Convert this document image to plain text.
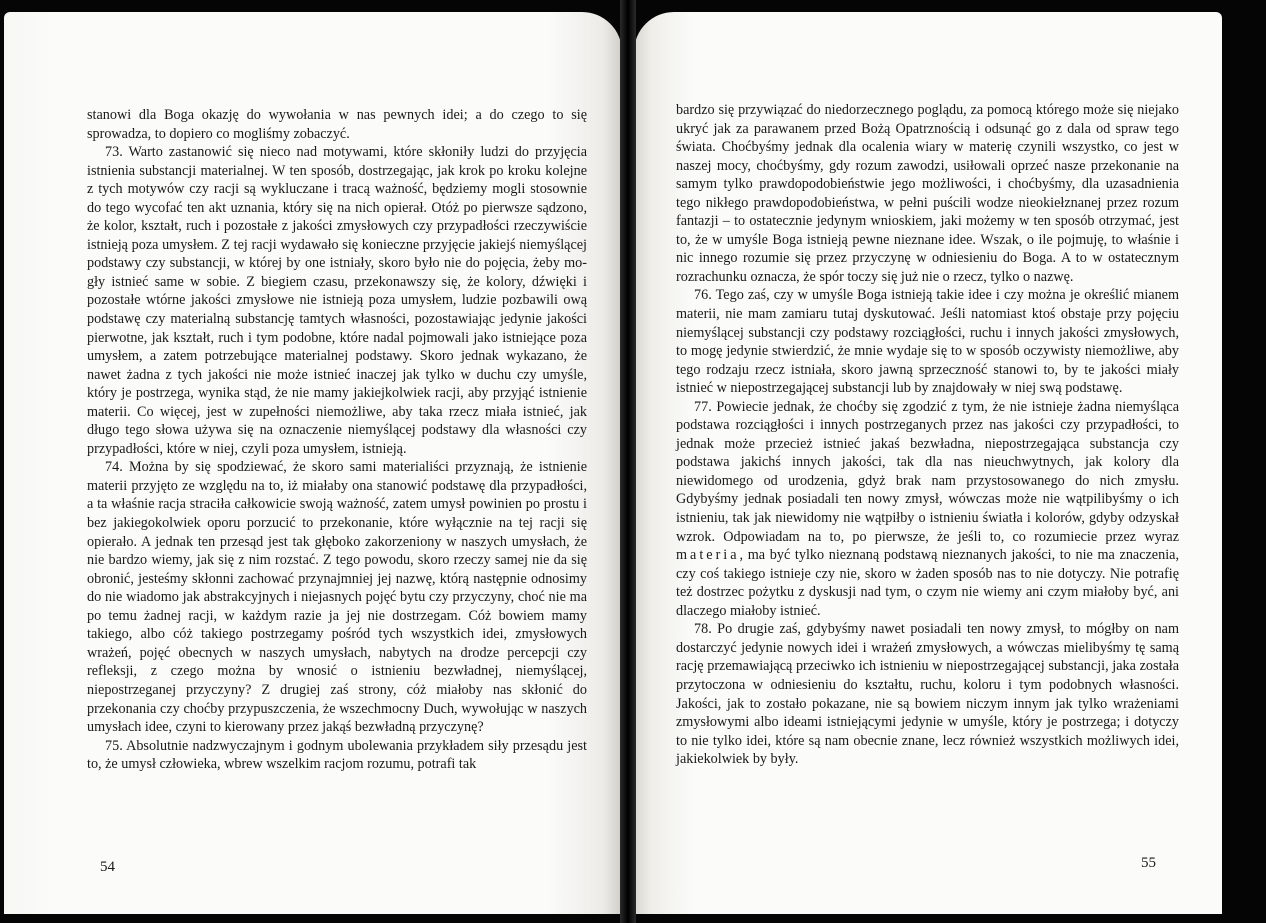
stanowi dla Boga okazję do wywołania w nas pewnych idei; a do czego to się sprowadza, to dopiero co mogliśmy zobaczyć.

73. Warto zastanowić się nieco nad motywami, które skłoniły ludzi do przyjęcia istnienia substancji materialnej. W ten sposób, dostrzegając, jak krok po kroku kolejne z tych motywów czy racji są wykluczane i tracą ważność, będziemy mogli stosownie do tego wycofać ten akt uznania, który się na nich opierał. Otóż po pierwsze sądzono, że kolor, kształt, ruch i pozostałe z jakości zmysłowych czy przypadłości rzeczywiście istnieją poza umysłem. Z tej racji wydawało się konieczne przyjęcie jakiejś niemyślącej podstawy czy substancji, w której by one istniały, skoro było nie do pojęcia, żeby mogły istnieć same w sobie. Z biegiem czasu, przekonawszy się, że kolory, dźwięki i pozostałe wtórne jakości zmysłowe nie istnieją poza umysłem, ludzie pozbawili ową podstawę czy materialną substancję tamtych własności, pozostawiając jedynie jakości pierwotne, jak kształt, ruch i tym podobne, które nadal pojmowali jako istniejące poza umysłem, a zatem potrzebujące materialnej podstawy. Skoro jednak wykazano, że nawet żadna z tych jakości nie może istnieć inaczej jak tylko w duchu czy umyśle, który je postrzega, wynika stąd, że nie mamy jakiejkolwiek racji, aby przyjąć istnienie materii. Co więcej, jest w zupełności niemożliwe, aby taka rzecz miała istnieć, jak długo tego słowa używa się na oznaczenie niemyślącej podstawy dla własności czy przypadłości, które w niej, czyli poza umysłem, istnieją.

74. Można by się spodziewać, że skoro sami materialiści przyznają, że istnienie materii przyjęto ze względu na to, iż miałaby ona stanowić podstawę dla przypadłości, a ta właśnie racja straciła całkowicie swoją ważność, zatem umysł powinien po prostu i bez jakiegokolwiek oporu porzucić to przekonanie, które wyłącznie na tej racji się opierało. A jednak ten przesąd jest tak głęboko zakorzeniony w naszych umysłach, że nie bardzo wiemy, jak się z nim rozstać. Z tego powodu, skoro rzeczy samej nie da się obronić, jesteśmy skłonni zachować przynajmniej jej nazwę, którą następnie odnosimy do nie wiadomo jak abstrakcyjnych i niejasnych pojęć bytu czy przyczyny, choć nie ma po temu żadnej racji, w każdym razie ja jej nie dostrzegam. Cóż bowiem mamy takiego, albo cóż takiego postrzegamy pośród tych wszystkich idei, zmysłowych wrażeń, pojęć obecnych w naszych umysłach, nabytych na drodze percepcji czy refleksji, z czego można by wnosić o istnieniu bezwładnej, niemyślącej, niepostrzeganej przyczyny? Z drugiej zaś strony, cóż miałoby nas skłonić do przekonania czy choćby przypuszczenia, że wszechmocny Duch, wywołując w naszych umysłach idee, czyni to kierowany przez jakąś bezwładną przyczynę?

75. Absolutnie nadzwyczajnym i godnym ubolewania przykładem siły przesądu jest to, że umysł człowieka, wbrew wszelkim racjom rozumu, potrafi tak

54

bardzo się przywiązać do niedorzecznego poglądu, za pomocą którego może się niejako ukryć jak za parawanem przed Bożą Opatrznością i odsunąć go z dala od spraw tego świata. Choćbyśmy jednak dla ocalenia wiary w materię czynili wszystko, co jest w naszej mocy, choćbyśmy, gdy rozum zawodzi, usiłowali oprzeć nasze przekonanie na samym tylko prawdopodobieństwie jego możliwości, i choćbyśmy, dla uzasadnienia tego nikłego prawdopodobieństwa, w pełni puścili wodze nieokiełznanej przez rozum fantazji – to ostatecznie jedynym wnioskiem, jaki możemy w ten sposób otrzymać, jest to, że w umyśle Boga istnieją pewne nieznane idee. Wszak, o ile pojmuję, to właśnie i nic innego rozumie się przez przyczynę w odniesieniu do Boga. A to w ostatecznym rozrachunku oznacza, że spór toczy się już nie o rzecz, tylko o nazwę.

76. Tego zaś, czy w umyśle Boga istnieją takie idee i czy można je określić mianem materii, nie mam zamiaru tutaj dyskutować. Jeśli natomiast ktoś obstaje przy pojęciu niemyślącej substancji czy podstawy rozciągłości, ruchu i innych jakości zmysłowych, to mogę jedynie stwierdzić, że mnie wydaje się to w sposób oczywisty niemożliwe, aby tego rodzaju rzecz istniała, skoro jawną sprzeczność stanowi to, by te jakości miały istnieć w niepostrzegającej substancji lub by znajdowały w niej swą podstawę.

77. Powiecie jednak, że choćby się zgodzić z tym, że nie istnieje żadna niemyśląca podstawa rozciągłości i innych postrzeganych przez nas jakości czy przypadłości, to jednak może przecież istnieć jakaś bezwładna, niepostrzegająca substancja czy podstawa jakichś innych jakości, tak dla nas nieuchwytnych, jak kolory dla niewidomego od urodzenia, gdyż brak nam przystosowanego do nich zmysłu. Gdybyśmy jednak posiadali ten nowy zmysł, wówczas może nie wątpilibyśmy o ich istnieniu, tak jak niewidomy nie wątpiłby o istnieniu światła i kolorów, gdyby odzyskał wzrok. Odpowiadam na to, po pierwsze, że jeśli to, co rozumiecie przez wyraz materia, ma być tylko nieznaną podstawą nieznanych jakości, to nie ma znaczenia, czy coś takiego istnieje czy nie, skoro w żaden sposób nas to nie dotyczy. Nie potrafię też dostrzec pożytku z dyskusji nad tym, o czym nie wiemy ani czym miałoby być, ani dlaczego miałoby istnieć.

78. Po drugie zaś, gdybyśmy nawet posiadali ten nowy zmysł, to mógłby on nam dostarczyć jedynie nowych idei i wrażeń zmysłowych, a wówczas mielibyśmy tę samą rację przemawiającą przeciwko ich istnieniu w niepostrzegającej substancji, jaka została przytoczona w odniesieniu do kształtu, ruchu, koloru i tym podobnych własności. Jakości, jak to zostało pokazane, nie są bowiem niczym innym jak tylko wrażeniami zmysłowymi albo ideami istniejącymi jedynie w umyśle, który je postrzega; i dotyczy to nie tylko idei, które są nam obecnie znane, lecz również wszystkich możliwych idei, jakiekolwiek by były.

55
